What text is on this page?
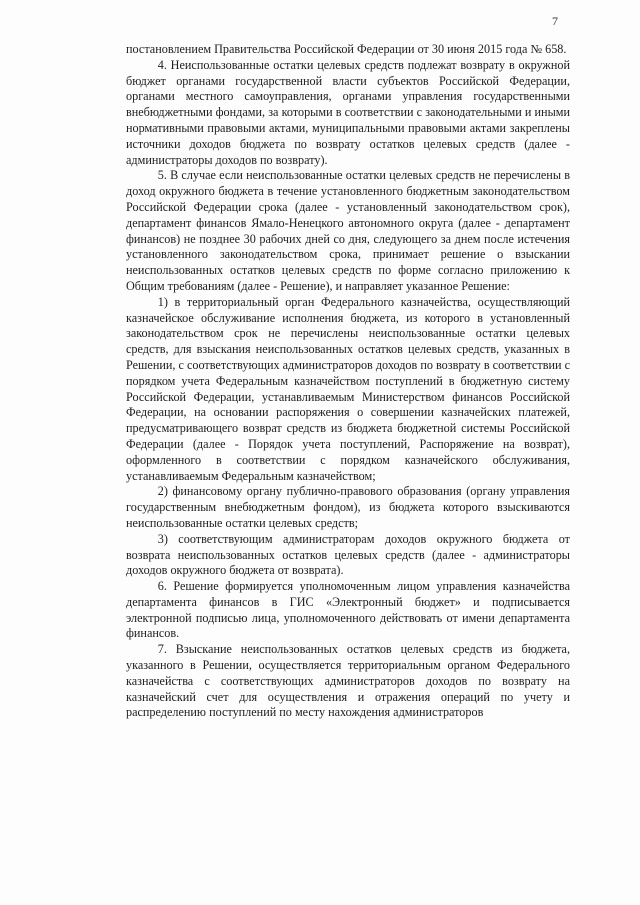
7

постановлением Правительства Российской Федерации от 30 июня 2015 года № 658.

4. Неиспользованные остатки целевых средств подлежат возврату в окружной бюджет органами государственной власти субъектов Российской Федерации, органами местного самоуправления, органами управления государственными внебюджетными фондами, за которыми в соответствии с законодательными и иными нормативными правовыми актами, муниципальными правовыми актами закреплены источники доходов бюджета по возврату остатков целевых средств (далее - администраторы доходов по возврату).

5. В случае если неиспользованные остатки целевых средств не перечислены в доход окружного бюджета в течение установленного бюджетным законодательством Российской Федерации срока (далее - установленный законодательством срок), департамент финансов Ямало-Ненецкого автономного округа (далее - департамент финансов) не позднее 30 рабочих дней со дня, следующего за днем после истечения установленного законодательством срока, принимает решение о взыскании неиспользованных остатков целевых средств по форме согласно приложению к Общим требованиям (далее - Решение), и направляет указанное Решение:

1) в территориальный орган Федерального казначейства, осуществляющий казначейское обслуживание исполнения бюджета, из которого в установленный законодательством срок не перечислены неиспользованные остатки целевых средств, для взыскания неиспользованных остатков целевых средств, указанных в Решении, с соответствующих администраторов доходов по возврату в соответствии с порядком учета Федеральным казначейством поступлений в бюджетную систему Российской Федерации, устанавливаемым Министерством финансов Российской Федерации, на основании распоряжения о совершении казначейских платежей, предусматривающего возврат средств из бюджета бюджетной системы Российской Федерации (далее - Порядок учета поступлений, Распоряжение на возврат), оформленного в соответствии с порядком казначейского обслуживания, устанавливаемым Федеральным казначейством;

2) финансовому органу публично-правового образования (органу управления государственным внебюджетным фондом), из бюджета которого взыскиваются неиспользованные остатки целевых средств;

3) соответствующим администраторам доходов окружного бюджета от возврата неиспользованных остатков целевых средств (далее - администраторы доходов окружного бюджета от возврата).

6. Решение формируется уполномоченным лицом управления казначейства департамента финансов в ГИС «Электронный бюджет» и подписывается электронной подписью лица, уполномоченного действовать от имени департамента финансов.

7. Взыскание неиспользованных остатков целевых средств из бюджета, указанного в Решении, осуществляется территориальным органом Федерального казначейства с соответствующих администраторов доходов по возврату на казначейский счет для осуществления и отражения операций по учету и распределению поступлений по месту нахождения администраторов
